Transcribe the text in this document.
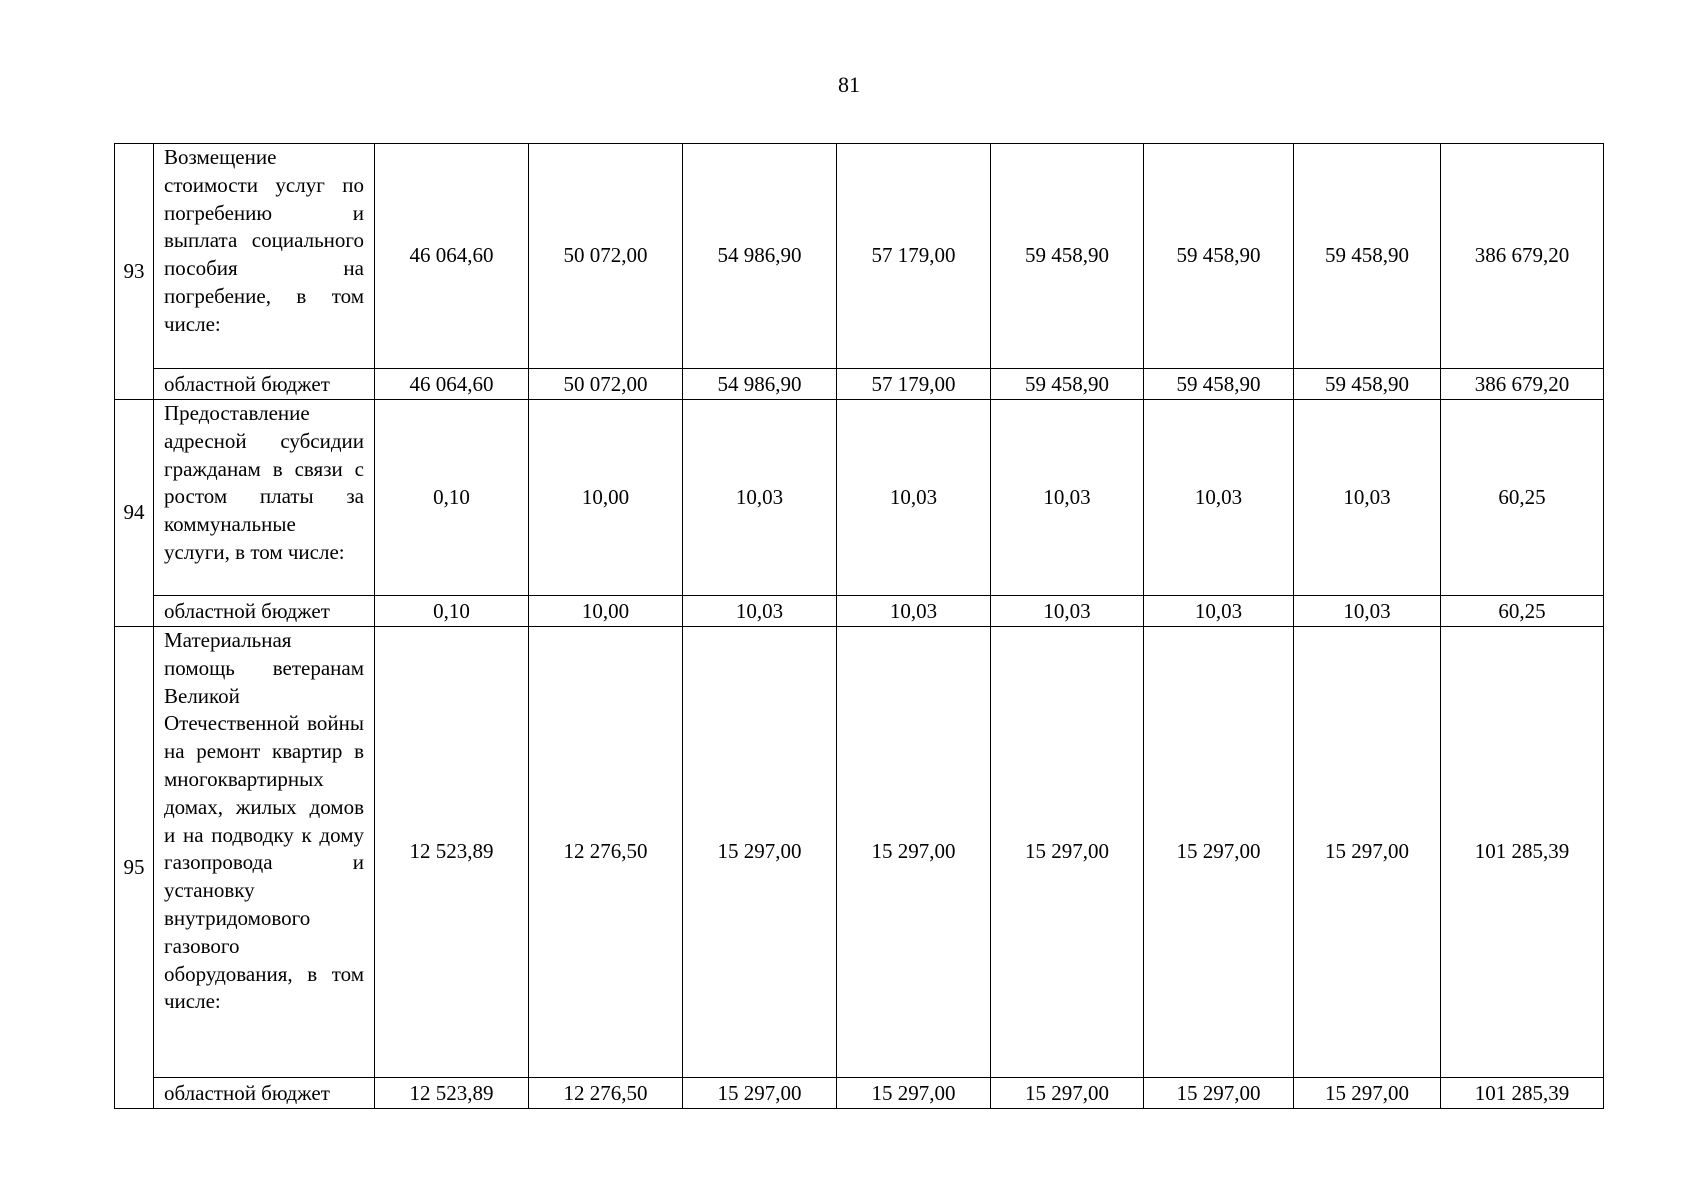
81
93	Возмещение стоимости услуг по погребению и выплата социального пособия на погребение, в том числе:	46 064,60	50 072,00	54 986,90	57 179,00	59 458,90	59 458,90	59 458,90	386 679,20
	областной бюджет	46 064,60	50 072,00	54 986,90	57 179,00	59 458,90	59 458,90	59 458,90	386 679,20
94	Предоставление адресной субсидии гражданам в связи с ростом платы за коммунальные услуги, в том числе:	0,10	10,00	10,03	10,03	10,03	10,03	10,03	60,25
	областной бюджет	0,10	10,00	10,03	10,03	10,03	10,03	10,03	60,25
95	Материальная помощь ветеранам Великой Отечественной войны на ремонт квартир в многоквартирных домах, жилых домов и на подводку к дому газопровода и установку внутридомового газового оборудования, в том числе:	12 523,89	12 276,50	15 297,00	15 297,00	15 297,00	15 297,00	15 297,00	101 285,39
	областной бюджет	12 523,89	12 276,50	15 297,00	15 297,00	15 297,00	15 297,00	15 297,00	101 285,39
